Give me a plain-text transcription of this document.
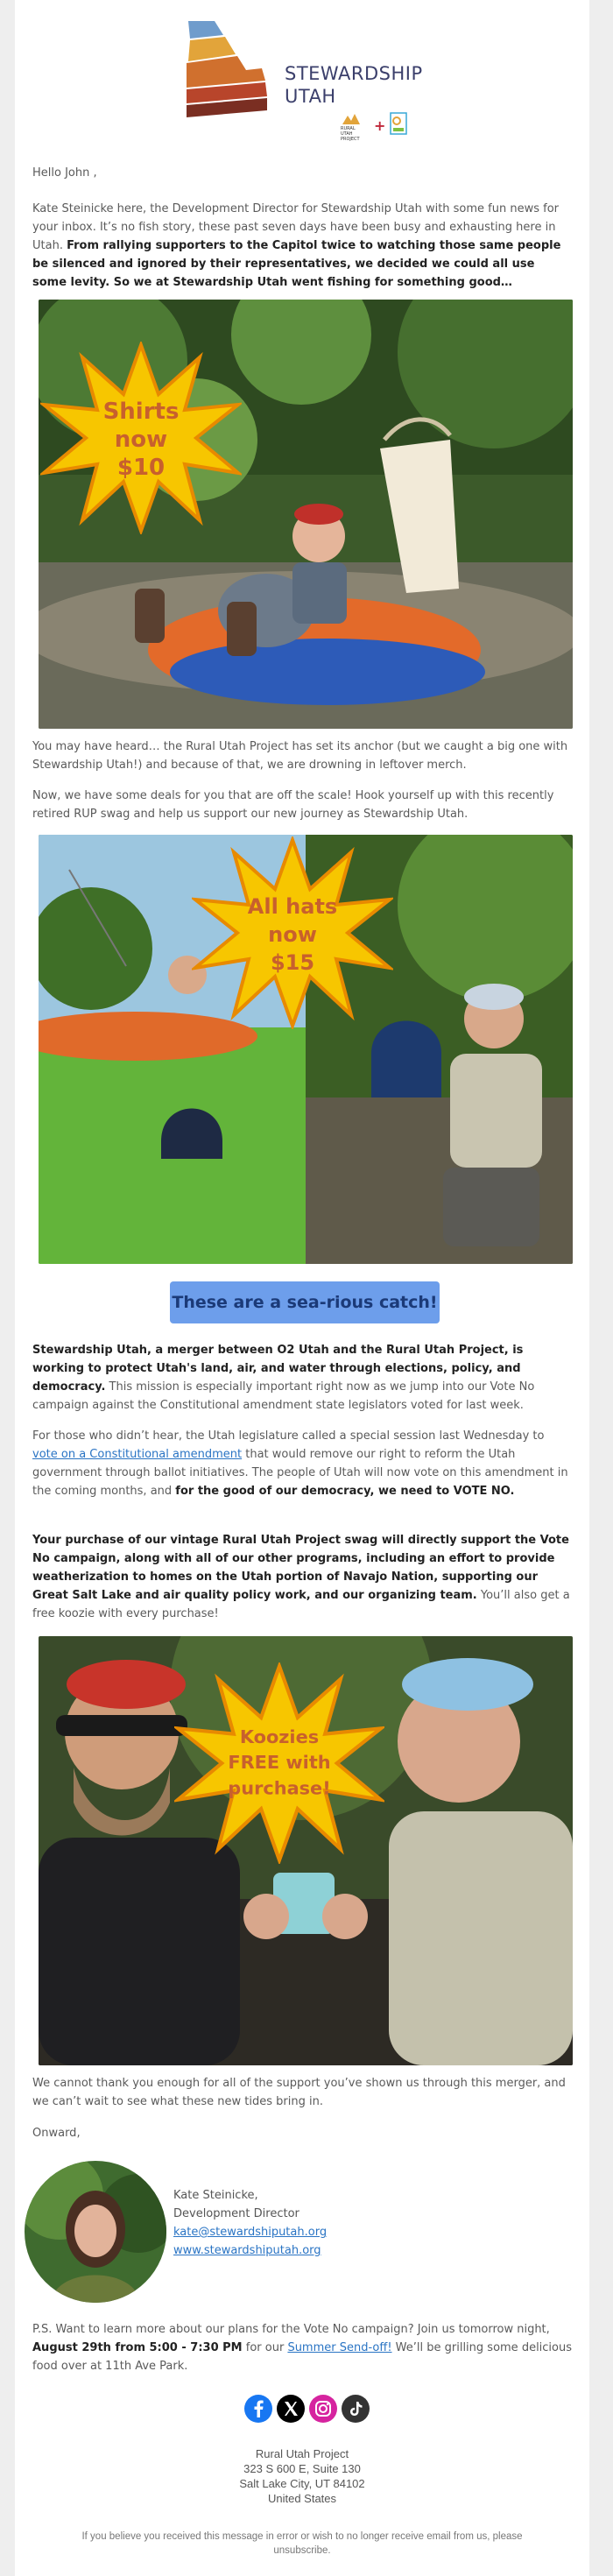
STEWARDSHIP
UTAH
RURAL UTAH PROJECT
+
Hello John ,
Kate Steinicke here, the Development Director for Stewardship Utah with some fun news for your inbox. It’s no fish story, these past seven days have been busy and exhausting here in Utah. From rallying supporters to the Capitol twice to watching those same people be silenced and ignored by their representatives, we decided we could all use some levity. So we at Stewardship Utah went fishing for something good…
Shirts
now
$10
You may have heard… the Rural Utah Project has set its anchor (but we caught a big one with Stewardship Utah!) and because of that, we are drowning in leftover merch.
Now, we have some deals for you that are off the scale! Hook yourself up with this recently retired RUP swag and help us support our new journey as Stewardship Utah.
All hats
now
$15
These are a sea-rious catch!
Stewardship Utah, a merger between O2 Utah and the Rural Utah Project, is working to protect Utah's land, air, and water through elections, policy, and democracy. This mission is especially important right now as we jump into our Vote No campaign against the Constitutional amendment state legislators voted for last week.
For those who didn’t hear, the Utah legislature called a special session last Wednesday to vote on a Constitutional amendment that would remove our right to reform the Utah government through ballot initiatives. The people of Utah will now vote on this amendment in the coming months, and for the good of our democracy, we need to VOTE NO.
Your purchase of our vintage Rural Utah Project swag will directly support the Vote No campaign, along with all of our other programs, including an effort to provide weatherization to homes on the Utah portion of Navajo Nation, supporting our Great Salt Lake and air quality policy work, and our organizing team. You’ll also get a free koozie with every purchase!
Koozies
FREE with
purchase!
We cannot thank you enough for all of the support you’ve shown us through this merger, and we can’t wait to see what these new tides bring in.
Onward,
Kate Steinicke,
Development Director
kate@stewardshiputah.org
www.stewardshiputah.org
P.S. Want to learn more about our plans for the Vote No campaign? Join us tomorrow night, August 29th from 5:00 - 7:30 PM for our Summer Send-off! We’ll be grilling some delicious food over at 11th Ave Park.
Rural Utah Project
323 S 600 E, Suite 130
Salt Lake City, UT 84102
United States
If you believe you received this message in error or wish to no longer receive email from us, please unsubscribe.
